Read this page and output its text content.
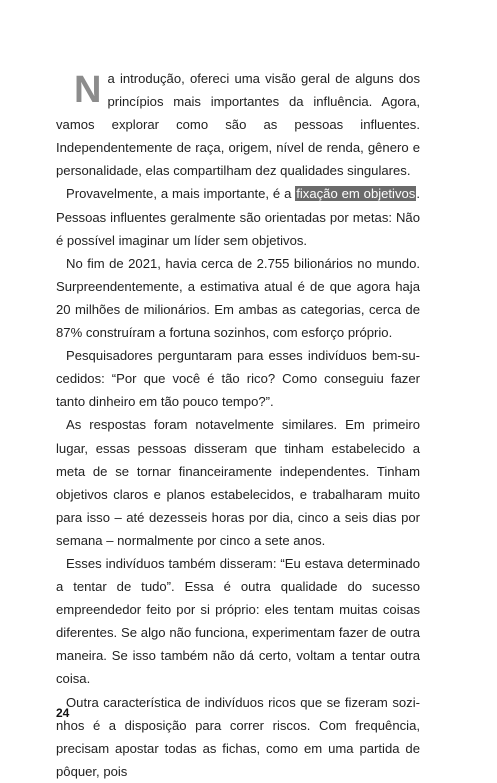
Na introdução, ofereci uma visão geral de alguns dos princípios mais importantes da influência. Agora, vamos explorar como são as pessoas influentes. Independentemente de raça, origem, nível de renda, gênero e personalidade, elas compartilham dez qualidades singulares.

Provavelmente, a mais importante, é a fixação em objetivos. Pessoas influentes geralmente são orientadas por metas: Não é possível imaginar um líder sem objetivos.

No fim de 2021, havia cerca de 2.755 bilionários no mundo. Surpreendentemente, a estimativa atual é de que agora haja 20 milhões de milionários. Em ambas as categorias, cerca de 87% construíram a fortuna sozinhos, com esforço próprio.

Pesquisadores perguntaram para esses indivíduos bem-sucedidos: “Por que você é tão rico? Como conseguiu fazer tanto dinheiro em tão pouco tempo?”.

As respostas foram notavelmente similares. Em primeiro lugar, essas pessoas disseram que tinham estabelecido a meta de se tornar financeiramente independentes. Tinham objetivos claros e planos estabelecidos, e trabalharam muito para isso – até dezesseis horas por dia, cinco a seis dias por semana – normalmente por cinco a sete anos.

Esses indivíduos também disseram: “Eu estava determinado a tentar de tudo”. Essa é outra qualidade do sucesso empreendedor feito por si próprio: eles tentam muitas coisas diferentes. Se algo não funciona, experimentam fazer de outra maneira. Se isso também não dá certo, voltam a tentar outra coisa.

Outra característica de indivíduos ricos que se fizeram sozinhos é a disposição para correr riscos. Com frequência, precisam apostar todas as fichas, como em uma partida de pôquer, pois

24
